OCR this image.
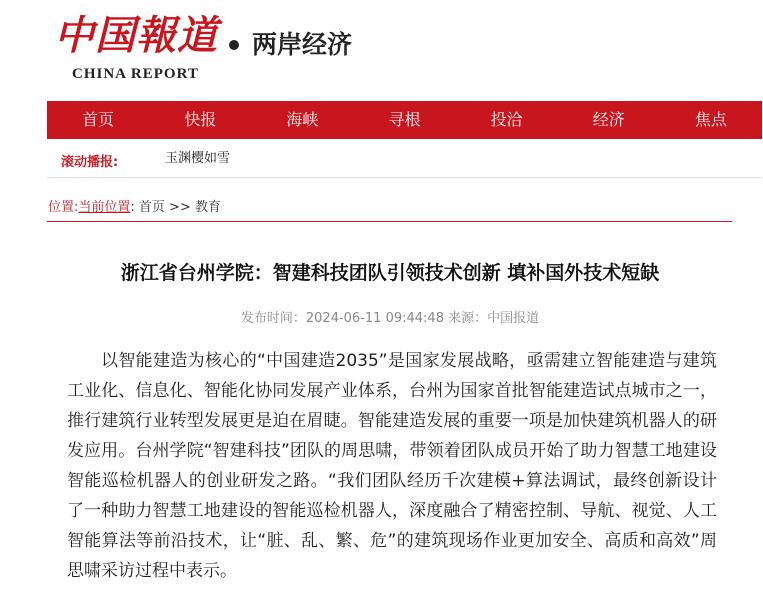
中国報道
CHINA REPORT
两岸经济
首页	快报	海峡	寻根	投洽	经济	焦点
滚动播报:	玉渊樱如雪
位置:当前位置: 首页 >> 教育
浙江省台州学院：智建科技团队引领技术创新 填补国外技术短缺
发布时间：2024-06-11 09:44:48 来源：中国报道
以智能建造为核心的“中国建造2035”是国家发展战略，亟需建立智能建造与建筑工业化、信息化、智能化协同发展产业体系，台州为国家首批智能建造试点城市之一，推行建筑行业转型发展更是迫在眉睫。智能建造发展的重要一项是加快建筑机器人的研发应用。台州学院“智建科技”团队的周思啸，带领着团队成员开始了助力智慧工地建设智能巡检机器人的创业研发之路。“我们团队经历千次建模+算法调试，最终创新设计了一种助力智慧工地建设的智能巡检机器人，深度融合了精密控制、导航、视觉、人工智能算法等前沿技术，让“脏、乱、繁、危”的建筑现场作业更加安全、高质和高效”周思啸采访过程中表示。
